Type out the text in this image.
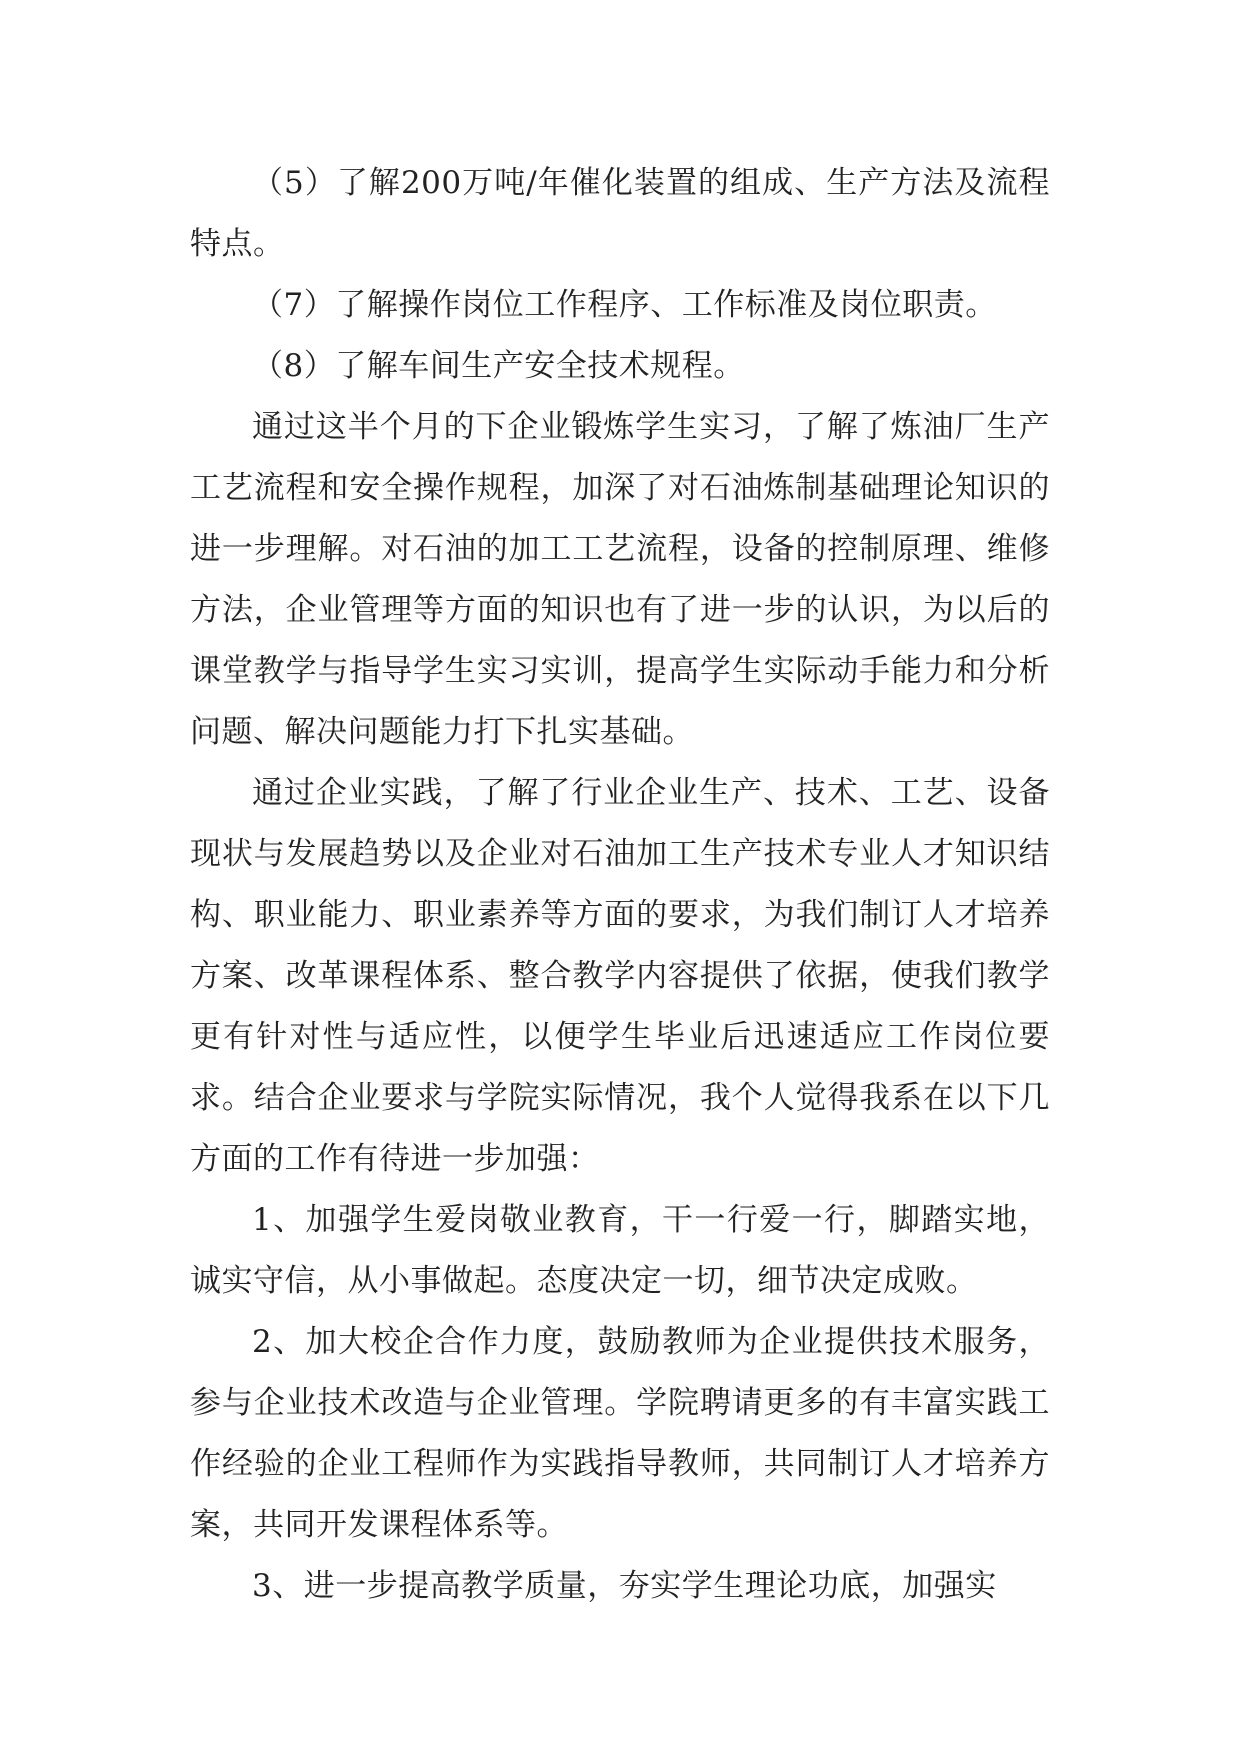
（5）了解200万吨/年催化装置的组成、生产方法及流程特点。

（7）了解操作岗位工作程序、工作标准及岗位职责。

（8）了解车间生产安全技术规程。

通过这半个月的下企业锻炼学生实习，了解了炼油厂生产工艺流程和安全操作规程，加深了对石油炼制基础理论知识的进一步理解。对石油的加工工艺流程，设备的控制原理、维修方法，企业管理等方面的知识也有了进一步的认识，为以后的课堂教学与指导学生实习实训，提高学生实际动手能力和分析问题、解决问题能力打下扎实基础。

通过企业实践，了解了行业企业生产、技术、工艺、设备现状与发展趋势以及企业对石油加工生产技术专业人才知识结构、职业能力、职业素养等方面的要求，为我们制订人才培养方案、改革课程体系、整合教学内容提供了依据，使我们教学更有针对性与适应性，以便学生毕业后迅速适应工作岗位要求。结合企业要求与学院实际情况，我个人觉得我系在以下几方面的工作有待进一步加强：

1、加强学生爱岗敬业教育，干一行爱一行，脚踏实地，诚实守信，从小事做起。态度决定一切，细节决定成败。

2、加大校企合作力度，鼓励教师为企业提供技术服务，参与企业技术改造与企业管理。学院聘请更多的有丰富实践工作经验的企业工程师作为实践指导教师，共同制订人才培养方案，共同开发课程体系等。

3、进一步提高教学质量，夯实学生理论功底，加强实
